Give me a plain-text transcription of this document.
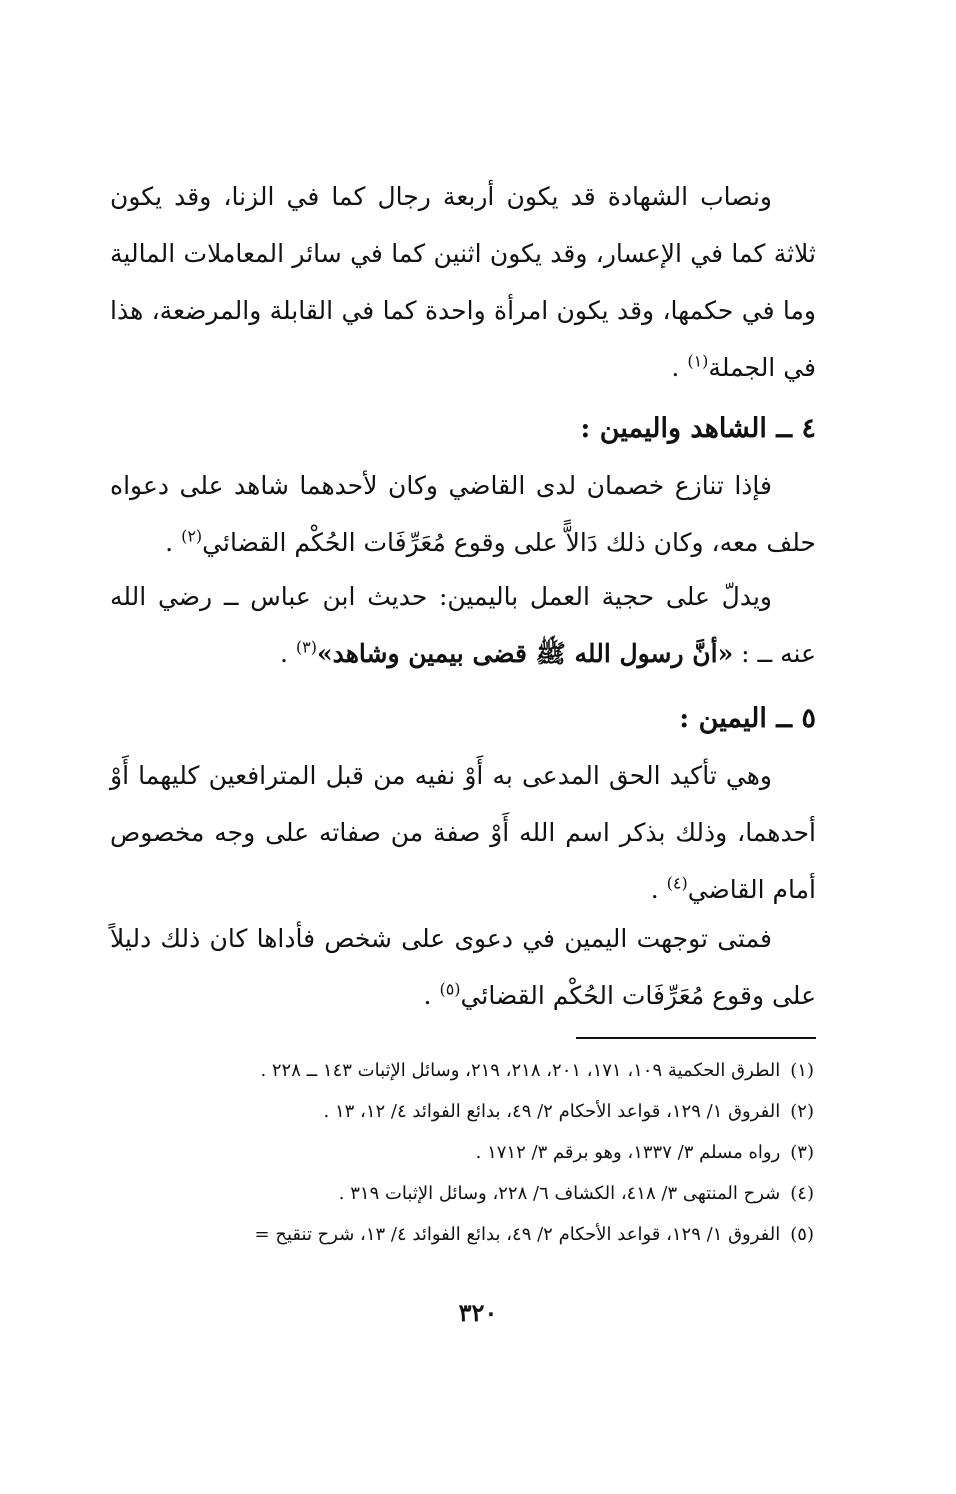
ونصاب الشهادة قد يكون أربعة رجال كما في الزنا، وقد يكون ثلاثة كما في الإعسار، وقد يكون اثنين كما في سائر المعاملات المالية وما في حكمها، وقد يكون امرأة واحدة كما في القابلة والمرضعة، هذا في الجملة$^{(١)}$ .

٤ ــ الشاهد واليمين :

فإذا تنازع خصمان لدى القاضي وكان لأحدهما شاهد على دعواه حلف معه، وكان ذلك دَالاًّ على وقوع مُعَرِّفَات الحُكْم القضائي$^{(٢)}$ .

ويدلّ على حجية العمل باليمين: حديث ابن عباس ــ رضي الله عنه ــ : «أنَّ رسول الله ﷺ قضى بيمين وشاهد»$^{(٣)}$ .

٥ ــ اليمين :

وهي تأكيد الحق المدعى به أَوْ نفيه من قبل المترافعين كليهما أَوْ أحدهما، وذلك بذكر اسم الله أَوْ صفة من صفاته على وجه مخصوص أمام القاضي$^{(٤)}$ .

فمتى توجهت اليمين في دعوى على شخص فأداها كان ذلك دليلاً على وقوع مُعَرِّفَات الحُكْم القضائي$^{(٥)}$ .

(١)الطرق الحكمية ١٠٩، ١٧١، ٢٠١، ٢١٨، ٢١٩، وسائل الإثبات ١٤٣ ــ ٢٢٨ .

(٢)الفروق ١/ ١٢٩، قواعد الأحكام ٢/ ٤٩، بدائع الفوائد ٤/ ١٢، ١٣ .

(٣)رواه مسلم ٣/ ١٣٣٧، وهو برقم ٣/ ١٧١٢ .

(٤)شرح المنتهى ٣/ ٤١٨، الكشاف ٦/ ٢٢٨، وسائل الإثبات ٣١٩ .

(٥)الفروق ١/ ١٢٩، قواعد الأحكام ٢/ ٤٩، بدائع الفوائد ٤/ ١٣، شرح تنقيح =

٣٢٠
